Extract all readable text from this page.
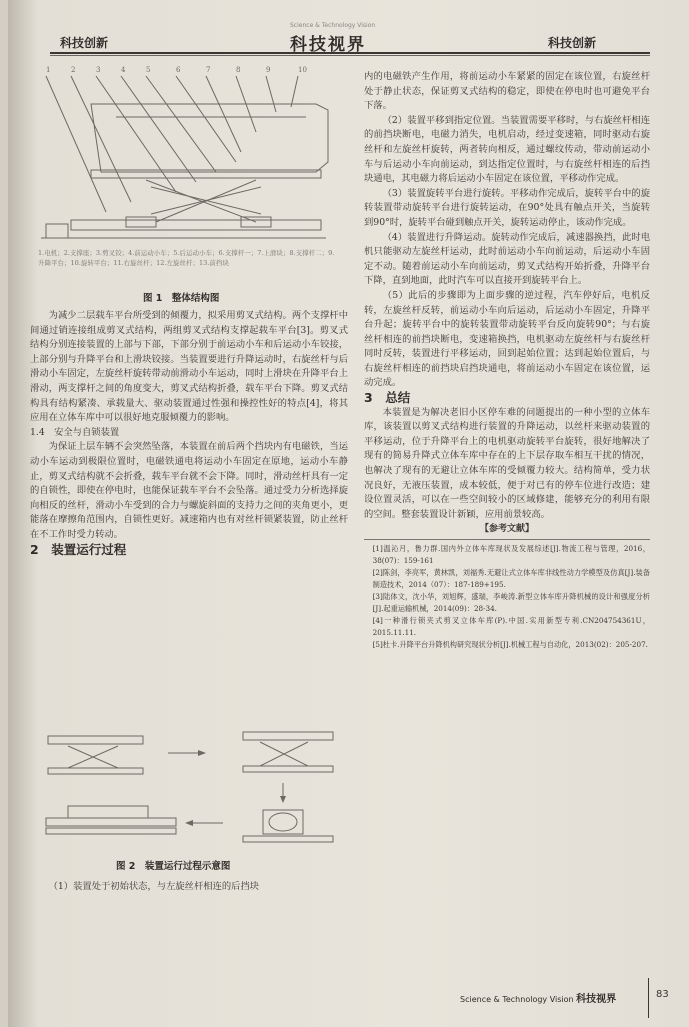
科技创新
Science & Technology Vision
科技视界	科技创新
1	2	3	4	5	6	7	8	9	10
1.电机；2.支撑座；3.剪叉铰；4.前运动小车；5.后运动小车；6.支撑杆一；7.上滑块；8.支撑杆二；9.升降平台；10.旋转平台；11.右旋丝杆；12.左旋丝杆；13.前挡块
图 1　整体结构图

为减少二层载车平台所受到的倾覆力，拟采用剪叉式结构。两个支撑杆中间通过销连接组成剪叉式结构，两组剪叉式结构支撑起载车平台[3]。剪叉式结构分别连接装置的上部与下部，下部分别于前运动小车和后运动小车铰接，上部分别与升降平台和上滑块铰接。当装置要进行升降运动时，右旋丝杆与后滑动小车固定，左旋丝杆旋转带动前滑动小车运动，同时上滑块在升降平台上滑动，两支撑杆之间的角度变大，剪叉式结构折叠，载车平台下降。剪叉式结构具有结构紧凑、承载量大、驱动装置通过性强和操控性好的特点[4]，将其应用在立体车库中可以很好地克服倾覆力的影响。

1.4　安全与自锁装置

为保证上层车辆不会突然坠落，本装置在前后两个挡块内有电磁铁，当运动小车运动到极限位置时，电磁铁通电将运动小车固定在原地，运动小车静止，剪叉式结构就不会折叠，载车平台就不会下降。同时，滑动丝杆具有一定的自锁性，即使在停电时，也能保证载车平台不会坠落。通过受力分析选择旋向相反的丝杆，滑动小车受到的合力与螺旋斜面的支持力之间的夹角更小，更能落在摩擦角范围内，自锁性更好。减速箱内也有对丝杆锁紧装置，防止丝杆在不工作时受力转动。

2　装置运行过程

图 2　装置运行过程示意图

（1）装置处于初始状态，与左旋丝杆相连的后挡块

内的电磁铁产生作用，将前运动小车紧紧的固定在该位置，右旋丝杆处于静止状态，保证剪叉式结构的稳定，即使在停电时也可避免平台下落。

（2）装置平移到指定位置。当装置需要平移时，与右旋丝杆相连的前挡块断电，电磁力消失，电机启动，经过变速箱，同时驱动右旋丝杆和左旋丝杆旋转，两者转向相反，通过螺纹传动，带动前运动小车与后运动小车向前运动，到达指定位置时，与右旋丝杆相连的后挡块通电，其电磁力将后运动小车固定在该位置，平移动作完成。

（3）装置旋转平台进行旋转。平移动作完成后，旋转平台中的旋转装置带动旋转平台进行旋转运动，在90°处具有触点开关，当旋转到90°时，旋转平台碰到触点开关，旋转运动停止，该动作完成。

（4）装置进行升降运动。旋转动作完成后，减速器换挡，此时电机只能驱动左旋丝杆运动，此时前运动小车向前运动，后运动小车固定不动。随着前运动小车向前运动，剪叉式结构开始折叠，升降平台下降，直到地面，此时汽车可以直接开到旋转平台上。

（5）此后的步骤即为上面步骤的逆过程，汽车停好后，电机反转，左旋丝杆反转，前运动小车向后运动，后运动小车固定，升降平台升起；旋转平台中的旋转装置带动旋转平台反向旋转90°；与右旋丝杆相连的前挡块断电，变速箱换挡，电机驱动左旋丝杆与右旋丝杆同时反转，装置进行平移运动，回到起始位置；达到起始位置后，与右旋丝杆相连的前挡块启挡块通电，将前运动小车固定在该位置，运动完成。

3　总结

本装置是为解决老旧小区停车难的问题提出的一种小型的立体车库，该装置以剪叉式结构进行装置的升降运动，以丝杆来驱动装置的平移运动，位于升降平台上的电机驱动旋转平台旋转，很好地解决了现有的简易升降式立体车库中存在的上下层存取车相互干扰的情况，也解决了现有的无避让立体车库的受倾覆力较大。结构简单，受力状况良好，无液压装置，成本较低，便于对已有的停车位进行改造；建设位置灵活，可以在一些空间较小的区域修建，能够充分的利用有限的空间。整套装置设计新颖，应用前景较高。

【参考文献】

[1]温沁月，鲁力群.国内外立体车库现状及发展综述[J].物流工程与管理，2016，38(07)：159-161

[2]陈剑，李亮军，黄林凯，刘福秀.无避让式立体车库非线性动力学模型及仿真[J].装备制造技术，2014（07）：187-189+195.

[3]陆体文，沈小华，刘旭辉，盛瑞，李峻涛.新型立体车库升降机械的设计和强度分析[J].起重运输机械，2014(09)：28-34.

[4]一种滑行锁夹式剪叉立体车库(P).中国.实用新型专利.CN204754361U，2015.11.11.

[5]杜卡.升降平台升降机构研究现状分析[J].机械工程与自动化，2013(02)：205-207.

Science & Technology Vision 科技视界	83
